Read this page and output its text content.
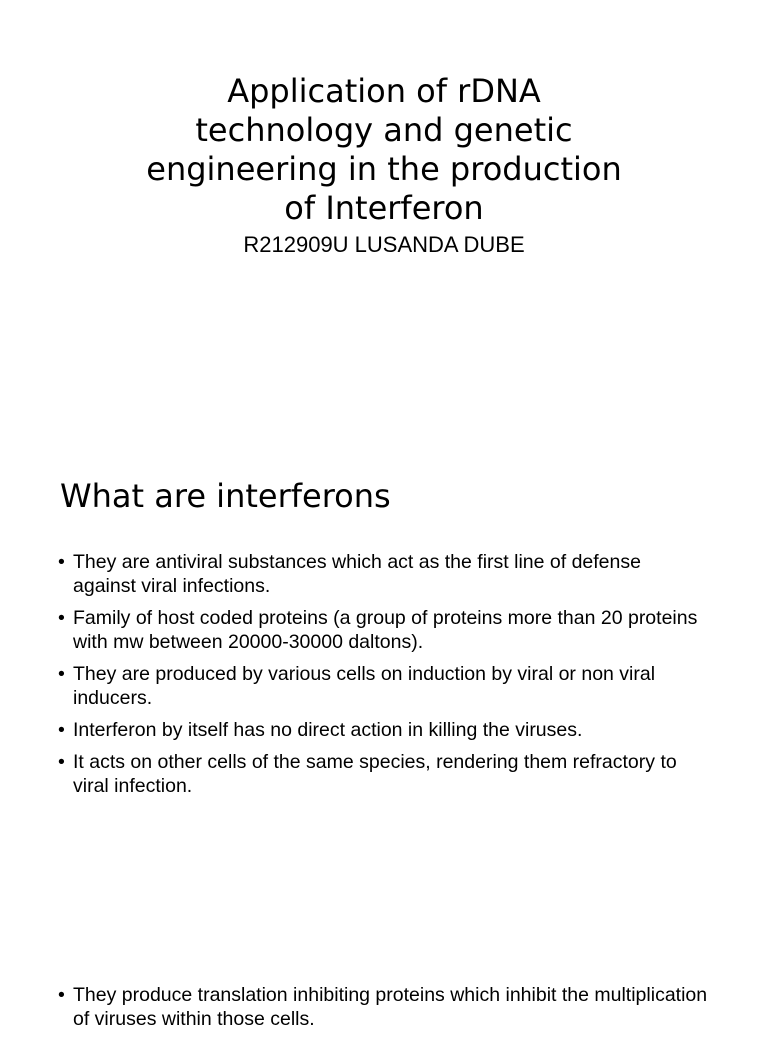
Application of rDNA
technology and genetic
engineering in the production
of Interferon
R212909U LUSANDA DUBE
What are interferons
• They are antiviral substances which act as the first line of defense against viral infections.
• Family of host coded proteins (a group of proteins more than 20 proteins with mw between 20000-30000 daltons).
• They are produced by various cells on induction by viral or non viral inducers.
• Interferon by itself has no direct action in killing the viruses.
• It acts on other cells of the same species, rendering them refractory to viral infection.
• They produce translation inhibiting proteins which inhibit the multiplication of viruses within those cells.
